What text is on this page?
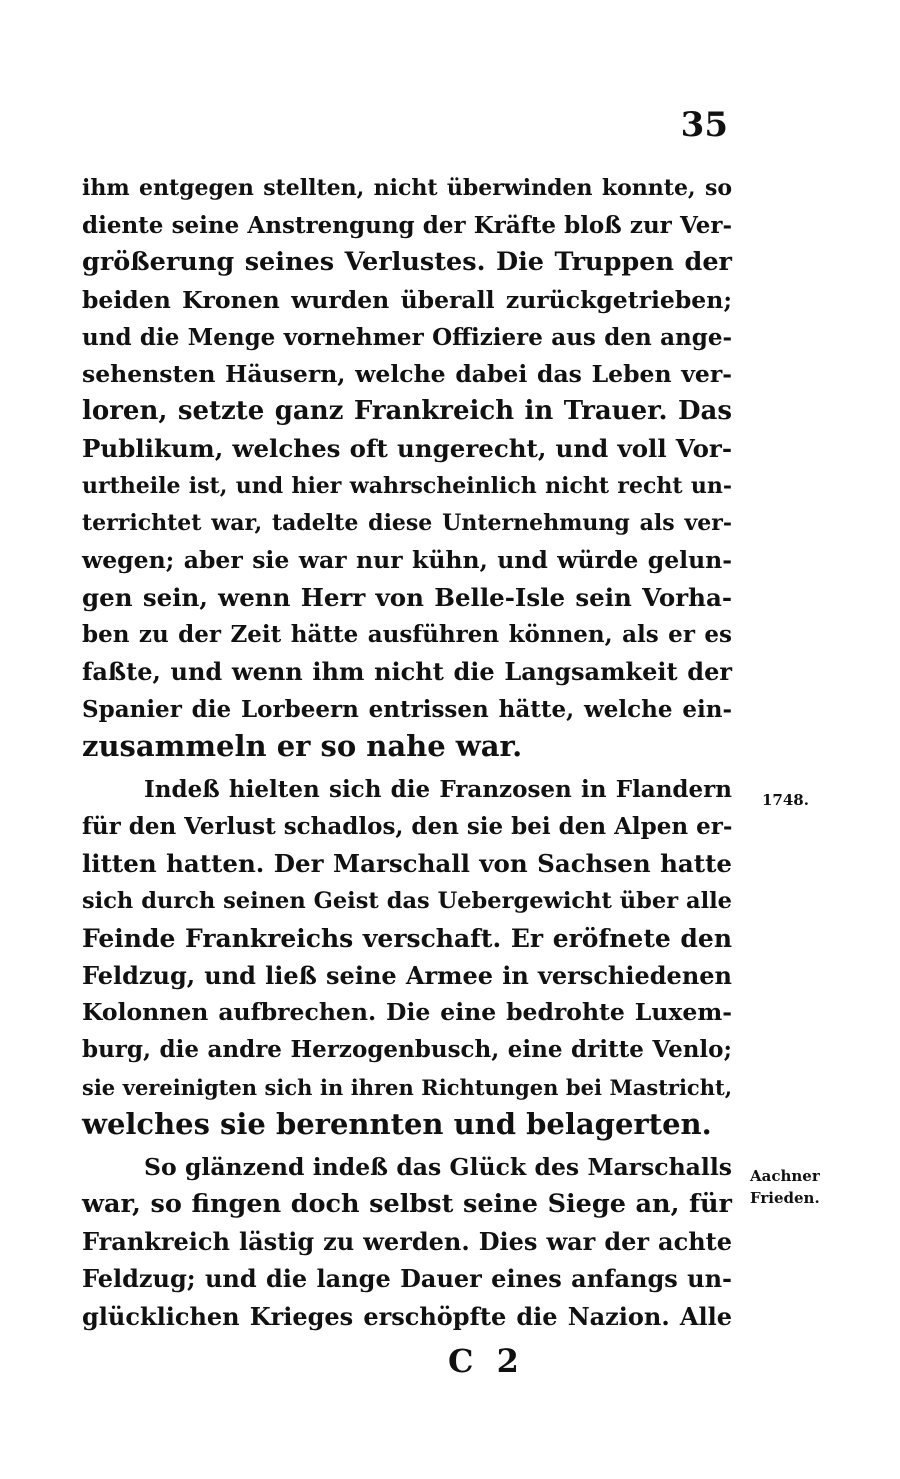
35
ihm entgegen stellten, nicht überwinden konnte, so
diente seine Anstrengung der Kräfte bloß zur Ver-
größerung seines Verlustes. Die Truppen der
beiden Kronen wurden überall zurückgetrieben;
und die Menge vornehmer Offiziere aus den ange-
sehensten Häusern, welche dabei das Leben ver-
loren, setzte ganz Frankreich in Trauer. Das
Publikum, welches oft ungerecht, und voll Vor-
urtheile ist, und hier wahrscheinlich nicht recht un-
terrichtet war, tadelte diese Unternehmung als ver-
wegen; aber sie war nur kühn, und würde gelun-
gen sein, wenn Herr von Belle-Isle sein Vorha-
ben zu der Zeit hätte ausführen können, als er es
faßte, und wenn ihm nicht die Langsamkeit der
Spanier die Lorbeern entrissen hätte, welche ein-
zusammeln er so nahe war.
Indeß hielten sich die Franzosen in Flandern
für den Verlust schadlos, den sie bei den Alpen er-
litten hatten. Der Marschall von Sachsen hatte
sich durch seinen Geist das Uebergewicht über alle
Feinde Frankreichs verschaft. Er eröfnete den
Feldzug, und ließ seine Armee in verschiedenen
Kolonnen aufbrechen. Die eine bedrohte Luxem-
burg, die andre Herzogenbusch, eine dritte Venlo;
sie vereinigten sich in ihren Richtungen bei Mastricht,
welches sie berennten und belagerten.
So glänzend indeß das Glück des Marschalls
war, so fingen doch selbst seine Siege an, für
Frankreich lästig zu werden. Dies war der achte
Feldzug; und die lange Dauer eines anfangs un-
glücklichen Krieges erschöpfte die Nazion. Alle
1748.
Aachner
Frieden.
C 2
